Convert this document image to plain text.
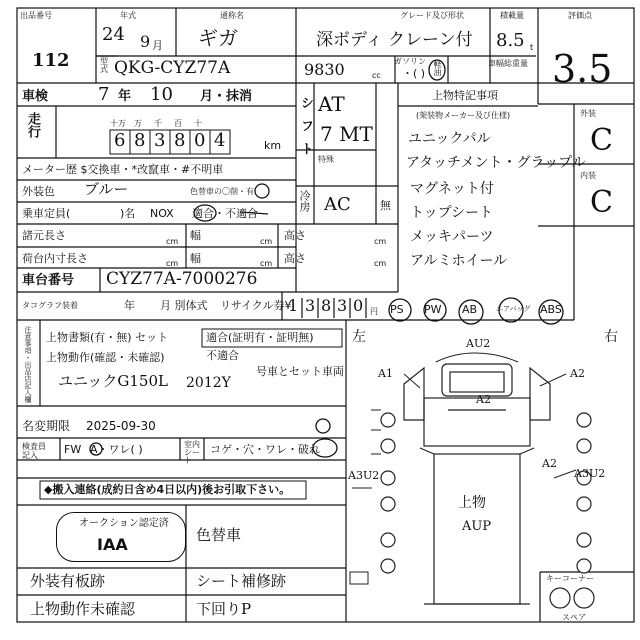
出品番号
112
年式
24 9 月
通称名
ギガ
グレード及び形状
深ボディ クレーン付
積載量
8.5 t
評価点
3.5
型式 QKG-CYZ77A	9830	cc
ガソリン
・( ) 軽油	車幅総重量
車検	7 年 10 月・抹消
走行	十万 万 千 百 十
6 8 3 8 0 4	km
メーター歴 $交換車・*改竄車・#不明車
外装色 ブルー	色替車の〇削・有
乗車定員(	)名 NOX 適合・不適合
諸元長さ	cm 幅	cm 高さ	cm
荷台内寸長さ	cm 幅	cm 高さ	cm
車台番号 CYZ77A-7000276
シフト AT
7 MT
特殊
冷房 AC	無
上物特記事項
(架装物メーカー及び仕様)
ユニックパル
アタッチメント・グラップル
マグネット付
トップシート
メッキパーツ
アルミホイール
外装
C
内装
C
タコグラフ装着	年 月 別体式 リサイクル券¥
1 3 8 3 0 円 PS PW AB	エアバッグ ABS
注意事項・出品店記入欄 上物書類(有・無) セット	適合(証明有・証明無)
不適合
上物動作(確認・未確認)
号車とセット車両
ユニックG150L 2012Y
名変期限 2025-09-30
検査員記入	FW A・ワレ( )	室内シート
コゲ・穴・ワレ・破れ
◆搬入連絡(成約日含め4日以内)後お引取下さい。
オークション認定済
IAA
外装有板跡	シート補修跡
上物動作未確認
色替車
下回りP
左	右
AU2
A1	A2
A2
A3U2
A2
A3U2
上物
AUP
キーコーナー
スペア
